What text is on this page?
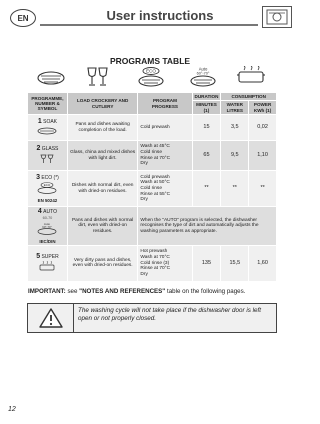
EN	User instructions
PROGRAMS TABLE
ECO	Auto
60°-70°
PROGRAMME, NUMBER & SYMBOL	LOAD CROCKERY AND CUTLERY	PROGRAM PROGRESS	DURATION	CONSUMPTION	
			MINUTES (1)	WATER LITRES	POWER KWh (1)
1 SOAK	Pans and dishes awaiting completion of the load.	Cold prewash	15	3,5	0,02
2 GLASS	Glass, china and mixed dishes with light dirt.	Wash at 45°C
Cold rinse
Rinse at 70°C
Dry	65	9,5	1,10
3 ECO (*)

ECO
EN 50242	Dishes with normal dirt, even with dried-on residues.	Cold prewash
Wash at 50°C
Cold rinse
Rinse at 55°C
Dry	**	**	**
4 AUTO
60-70

Auto
60°-70°
IEC/DIN	Pans and dishes with normal dirt, even with dried-on residues.	When the "AUTO" program is selected, the dishwasher recognises the type of dirt and automatically adjusts the washing parameters as appropriate.			
5 SUPER	Very dirty pans and dishes, even with dried-on residues.	Hot prewash
Wash at 70°C
Cold rinse (3)
Rinse at 70°C
Dry	135	15,5	1,60
IMPORTANT: see "NOTES AND REFERENCES" table on the following pages.
The washing cycle will not take place if the dishwasher door is left open or not properly closed.
12
